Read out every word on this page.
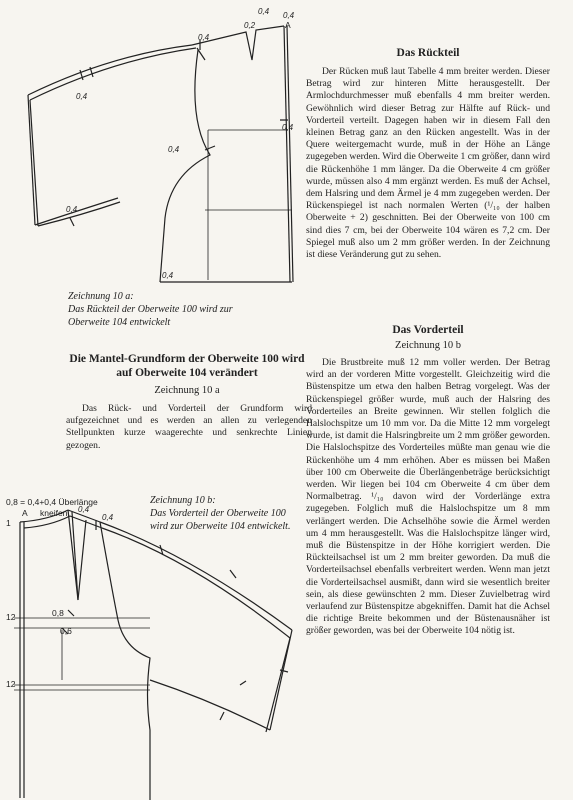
0,4
0,2
0,4 0,4
0,4
0,4
0,4
0,4
0,4
A
Zeichnung 10 a:
Das Rückteil der Oberweite 100 wird zur Oberweite 104 entwickelt
Die Mantel-Grundform der Oberweite 100 wird auf Oberweite 104 verändert
Zeichnung 10 a

Das Rück- und Vorderteil der Grundform wird aufgezeichnet und es werden an allen zu verlegenden Stellpunkten kurze waagerechte und senkrechte Linien gezogen.

0,8 = 0,4+0,4 Überlänge
kneifen
A
1
0,4
0,4
12	0,8
0,6
12
Zeichnung 10 b:
Das Vorderteil der Oberweite 100 wird zur Oberweite 104 entwickelt.
Das Rückteil

Der Rücken muß laut Tabelle 4 mm breiter werden. Dieser Betrag wird zur hinteren Mitte herausgestellt. Der Armlochdurchmesser muß ebenfalls 4 mm breiter werden. Gewöhnlich wird dieser Betrag zur Hälfte auf Rück- und Vorderteil verteilt. Dagegen haben wir in diesem Fall den kleinen Betrag ganz an den Rücken angestellt. Was in der Quere weitergemacht wurde, muß in der Höhe an Länge zugegeben werden. Wird die Oberweite 1 cm größer, dann wird die Rückenhöhe 1 mm länger. Da die Oberweite 4 cm größer wurde, müssen also 4 mm ergänzt werden. Es muß der Achsel, dem Halsring und dem Ärmel je 4 mm zugegeben werden. Der Rückenspiegel ist nach normalen Werten (¹/₁₀ der halben Oberweite + 2) geschnitten. Bei der Oberweite von 100 cm sind dies 7 cm, bei der Oberweite 104 wären es 7,2 cm. Der Spiegel muß also um 2 mm größer werden. In der Zeichnung ist diese Veränderung gut zu sehen.

Das Vorderteil
Zeichnung 10 b

Die Brustbreite muß 12 mm voller werden. Der Betrag wird an der vorderen Mitte vorgestellt. Gleichzeitig wird die Büstenspitze um etwa den halben Betrag vorgelegt. Was der Rückenspiegel größer wurde, muß auch der Halsring des Vorderteiles an Breite gewinnen. Wir stellen folglich die Halslochspitze um 10 mm vor. Da die Mitte 12 mm vorgelegt wurde, ist damit die Halsringbreite um 2 mm größer geworden. Die Halslochspitze des Vorderteiles müßte man genau wie die Rückenhöhe um 4 mm erhöhen. Aber es müssen bei Maßen über 100 cm Oberweite die Überlängenbeträge berücksichtigt werden. Wir liegen bei 104 cm Oberweite 4 cm über dem Normalbetrag. ¹/₁₀ davon wird der Vorderlänge extra zugegeben. Folglich muß die Halslochspitze um 8 mm verlängert werden. Die Achselhöhe sowie die Ärmel werden um 4 mm herausgestellt. Was die Halslochspitze länger wird, muß die Büstenspitze in der Höhe korrigiert werden. Die Rückteilsachsel ist um 2 mm breiter geworden. Da muß die Vorderteilsachsel ebenfalls verbreitert werden. Wenn man jetzt die Vorderteilsachsel ausmißt, dann wird sie wesentlich breiter sein, als diese gewünschten 2 mm. Dieser Zuvielbetrag wird verlaufend zur Büstenspitze abgekniffen. Damit hat die Achsel die richtige Breite bekommen und der Büstenausnäher ist größer geworden, was bei der Oberweite 104 nötig ist.
